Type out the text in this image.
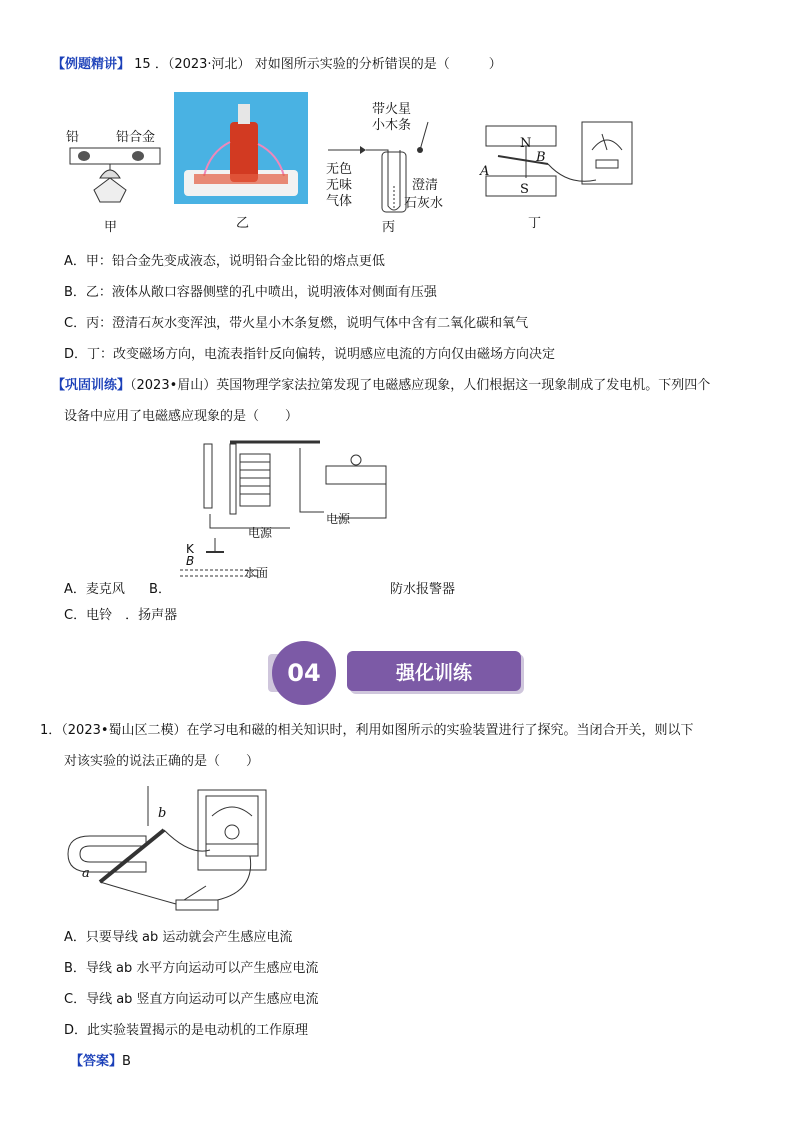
【例题精讲】 15 ．（2023·河北） 对如图所示实验的分析错误的是（　　　）
铅	铅合金
甲	乙
带火星
小木条
无色
无味
气体
澄清
石灰水
丙
N
S
A
B
丁
A．甲：铅合金先变成液态，说明铅合金比铅的熔点更低
B．乙：液体从敞口容器侧壁的孔中喷出，说明液体对侧面有压强
C．丙：澄清石灰水变浑浊，带火星小木条复燃，说明气体中含有二氧化碳和氧气
D．丁：改变磁场方向，电流表指针反向偏转，说明感应电流的方向仅由磁场方向决定
【巩固训练】（2023•眉山）英国物理学家法拉第发现了电磁感应现象，人们根据这一现象制成了发电机。下列四个
设备中应用了电磁感应现象的是（　　）
电源
电源
K
B
水面
A．麦克风 B．	防水报警器
C．电铃　．扬声器
04	强化训练
1．（2023•蜀山区二模）在学习电和磁的相关知识时，利用如图所示的实验装置进行了探究。当闭合开关，则以下
对该实验的说法正确的是（　　）
b
a
A．只要导线 ab 运动就会产生感应电流
B．导线 ab 水平方向运动可以产生感应电流
C．导线 ab 竖直方向运动可以产生感应电流
D．此实验装置揭示的是电动机的工作原理
【答案】B
